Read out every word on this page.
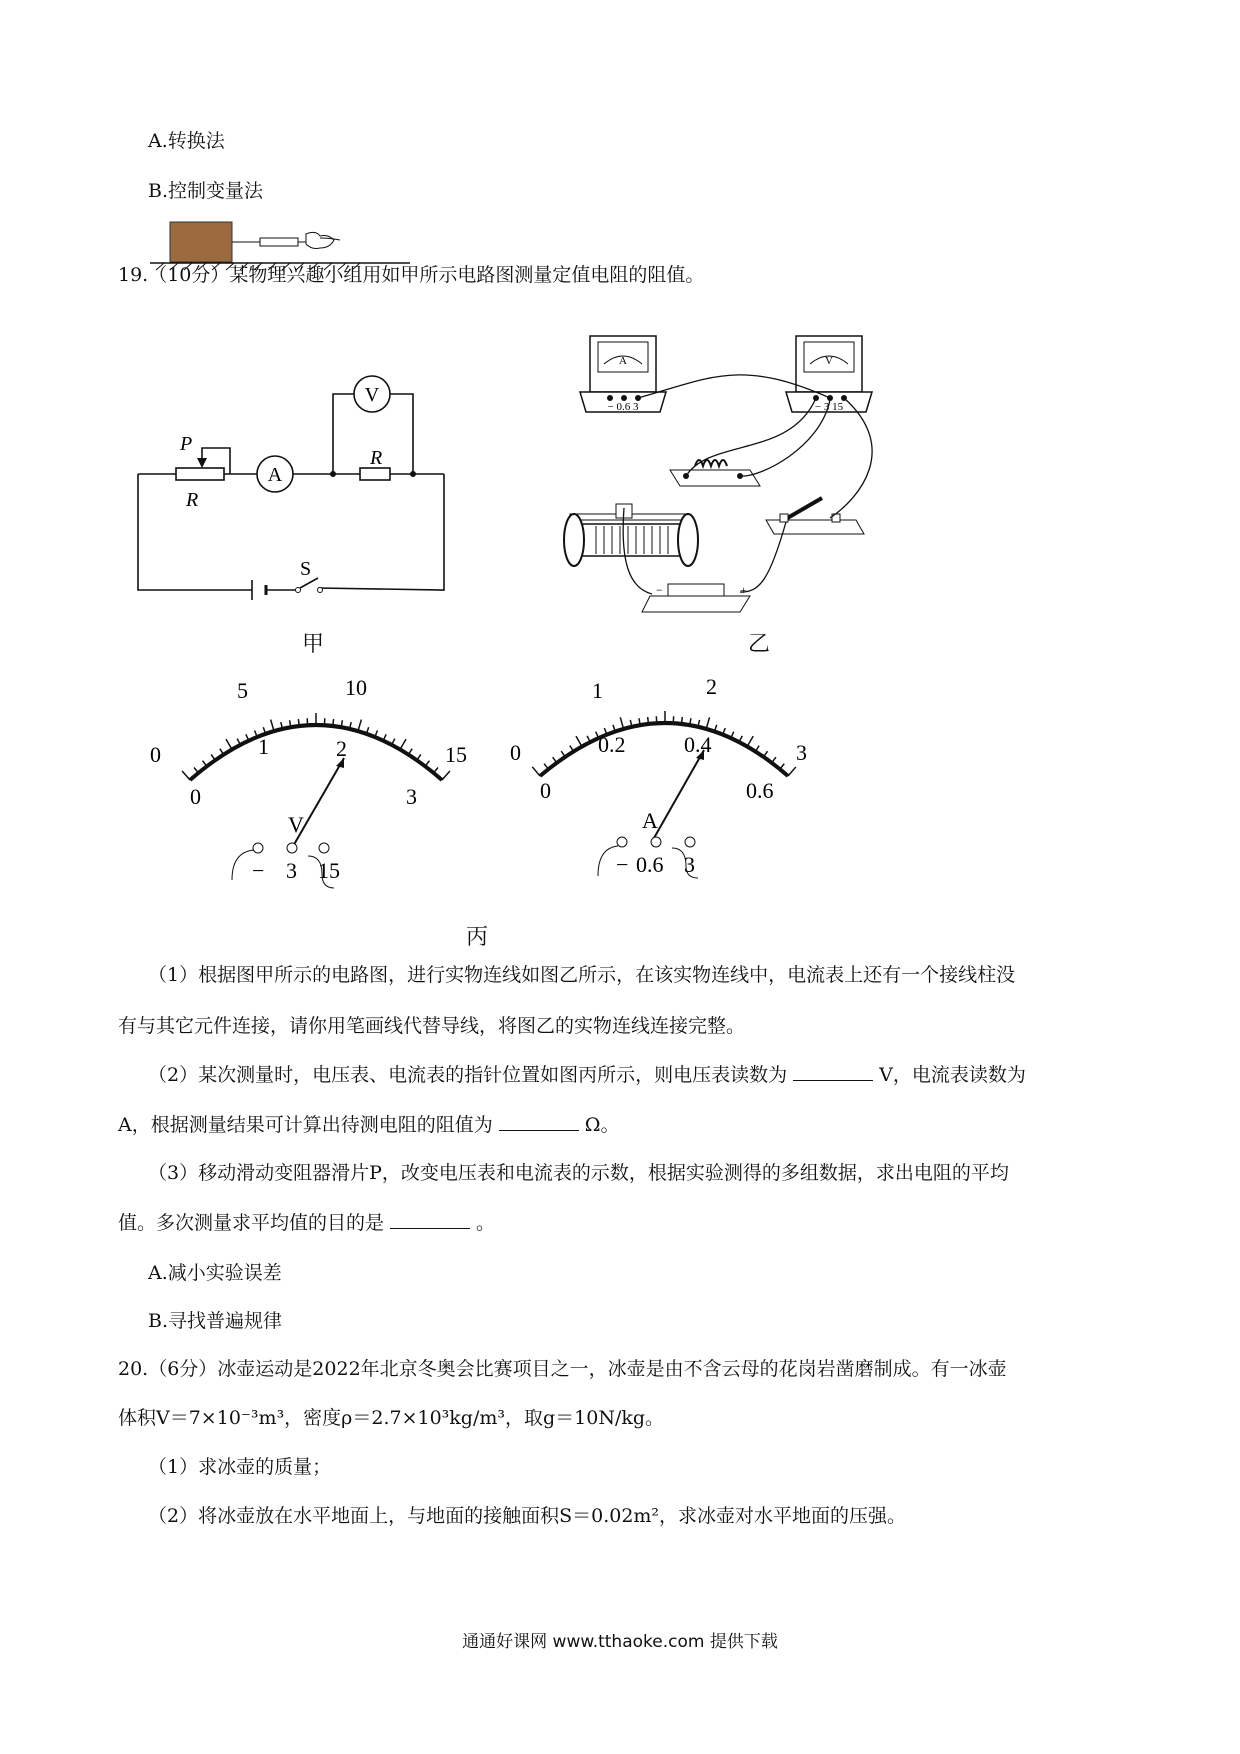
A.转换法
B.控制变量法
19.（10分）某物理兴趣小组用如甲所示电路图测量定值电阻的阻值。
A
V
R
P
R
S
甲
A
− 0.6 3
V
− 3 15
−	+
乙
0
5	10
15
0
1	2
3
V
− 3 15
0
1	2
3
0
0.2	0.4
0.6
A
− 0.6 3
丙
（1）根据图甲所示的电路图，进行实物连线如图乙所示，在该实物连线中，电流表上还有一个接线柱没
有与其它元件连接，请你用笔画线代替导线，将图乙的实物连线连接完整。
（2）某次测量时，电压表、电流表的指针位置如图丙所示，则电压表读数为	V，电流表读数为
A，根据测量结果可计算出待测电阻的阻值为	Ω。
（3）移动滑动变阻器滑片P，改变电压表和电流表的示数，根据实验测得的多组数据，求出电阻的平均
值。多次测量求平均值的目的是	。
A.减小实验误差
B.寻找普遍规律
20.（6分）冰壶运动是2022年北京冬奥会比赛项目之一，冰壶是由不含云母的花岗岩凿磨制成。有一冰壶
体积V＝7×10⁻³m³，密度ρ＝2.7×10³kg/m³，取g＝10N/kg。
（1）求冰壶的质量；
（2）将冰壶放在水平地面上，与地面的接触面积S＝0.02m²，求冰壶对水平地面的压强。
通通好课网 www.tthaoke.com 提供下载
